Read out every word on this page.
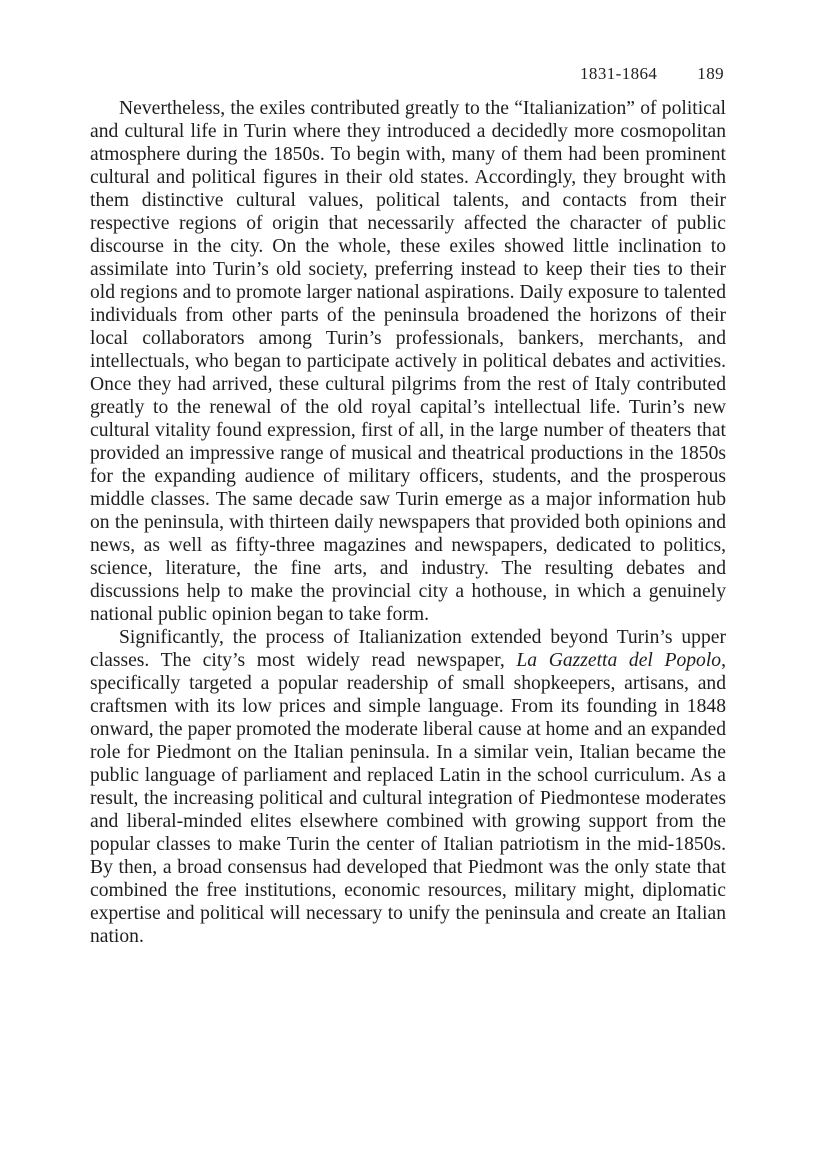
1831-1864 189

Nevertheless, the exiles contributed greatly to the “Italianization” of political and cultural life in Turin where they introduced a decidedly more cosmopolitan atmosphere during the 1850s. To begin with, many of them had been prominent cultural and political figures in their old states. Accordingly, they brought with them distinctive cultural values, political talents, and contacts from their respective regions of origin that necessarily affected the character of public discourse in the city. On the whole, these exiles showed little inclination to assimilate into Turin’s old society, preferring instead to keep their ties to their old regions and to promote larger national aspirations. Daily exposure to talented individuals from other parts of the peninsula broadened the horizons of their local collaborators among Turin’s professionals, bankers, merchants, and intellectuals, who began to participate actively in political debates and activities. Once they had arrived, these cultural pilgrims from the rest of Italy contributed greatly to the renewal of the old royal capital’s intellectual life. Turin’s new cultural vitality found expression, first of all, in the large number of theaters that provided an impressive range of musical and theatrical productions in the 1850s for the expanding audience of military officers, students, and the prosperous middle classes. The same decade saw Turin emerge as a major information hub on the peninsula, with thirteen daily newspapers that provided both opinions and news, as well as fifty-three magazines and newspapers, dedicated to politics, science, literature, the fine arts, and industry. The resulting debates and discussions help to make the provincial city a hothouse, in which a genuinely national public opinion began to take form.

Significantly, the process of Italianization extended beyond Turin’s upper classes. The city’s most widely read newspaper, La Gazzetta del Popolo, specifically targeted a popular readership of small shopkeepers, artisans, and craftsmen with its low prices and simple language. From its founding in 1848 onward, the paper promoted the moderate liberal cause at home and an expanded role for Piedmont on the Italian peninsula. In a similar vein, Italian became the public language of parliament and replaced Latin in the school curriculum. As a result, the increasing political and cultural integration of Piedmontese moderates and liberal-minded elites elsewhere combined with growing support from the popular classes to make Turin the center of Italian patriotism in the mid-1850s. By then, a broad consensus had developed that Piedmont was the only state that combined the free institutions, economic resources, military might, diplomatic expertise and political will necessary to unify the peninsula and create an Italian nation.
